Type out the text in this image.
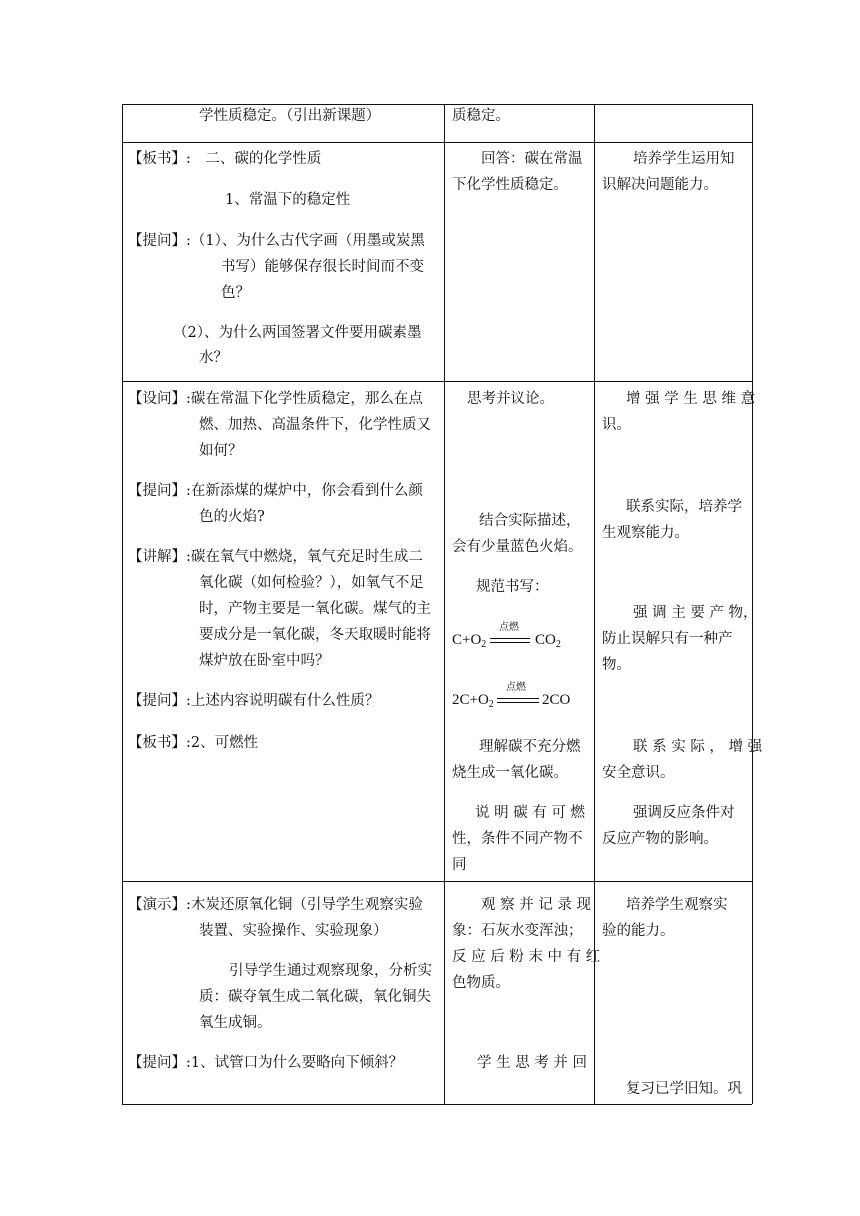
学性质稳定。（引出新课题）	质稳定。
【板书】:　二、碳的化学性质
1、常温下的稳定性
【提问】:（1）、为什么古代字画（用墨或炭黑
书写）能够保存很长时间而不变
色？
（2）、为什么两国签署文件要用碳素墨
水？
回答：碳在常温
下化学性质稳定。
培养学生运用知
识解决问题能力。
【设问】:碳在常温下化学性质稳定，那么在点
燃、加热、高温条件下，化学性质又
如何？
【提问】:在新添煤的煤炉中，你会看到什么颜
色的火焰?
【讲解】:碳在氧气中燃烧，氧气充足时生成二
氧化碳（如何检验？），如氧气不足
时，产物主要是一氧化碳。煤气的主
要成分是一氧化碳，冬天取暖时能将
煤炉放在卧室中吗？
【提问】:上述内容说明碳有什么性质？
【板书】:2、可燃性
思考并议论。
结合实际描述，
会有少量蓝色火焰。
规范书写：
$C+O_2$
点燃
$CO_2$
$2C+O_2$
点燃
2CO
理解碳不充分燃
烧生成一氧化碳。
说 明 碳 有 可 燃
性，条件不同产物不
同
增 强 学 生 思 维 意
识。
联系实际，培养学
生观察能力。
强 调 主 要 产 物，
防止误解只有一种产
物。
联 系 实 际 ， 增 强
安全意识。
强调反应条件对
反应产物的影响。
【演示】:木炭还原氧化铜（引导学生观察实验
装置、实验操作、实验现象）
引导学生通过观察现象，分析实
质：碳夺氧生成二氧化碳，氧化铜失
氧生成铜。
【提问】:1、试管口为什么要略向下倾斜？
观 察 并 记 录 现
象：石灰水变浑浊；
反 应 后 粉 末 中 有 红
色物质。
学 生 思 考 并 回
培养学生观察实
验的能力。
复习已学旧知。巩
